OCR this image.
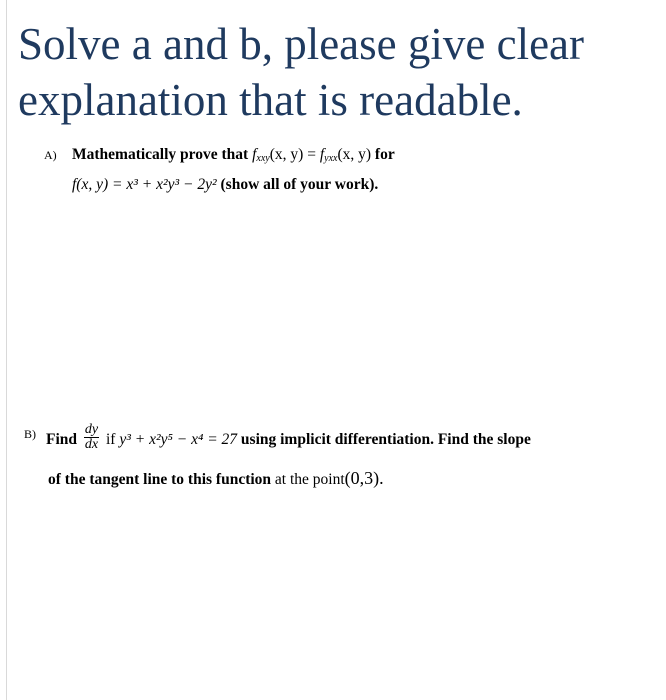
Solve a and b, please give clear
explanation that is readable.
A) Mathematically prove that $f_{xxy}(x$, $y) = f_{yxx}(x$, y) for
f(x, y) = x³ + x²y³ − 2y² (show all of your work).
B) Find $\frac{dy}{dx}$ if y³ + x²y⁵ − x⁴ = 27 using implicit differentiation. Find the slope
of the tangent line to this function at the point(0,3).
